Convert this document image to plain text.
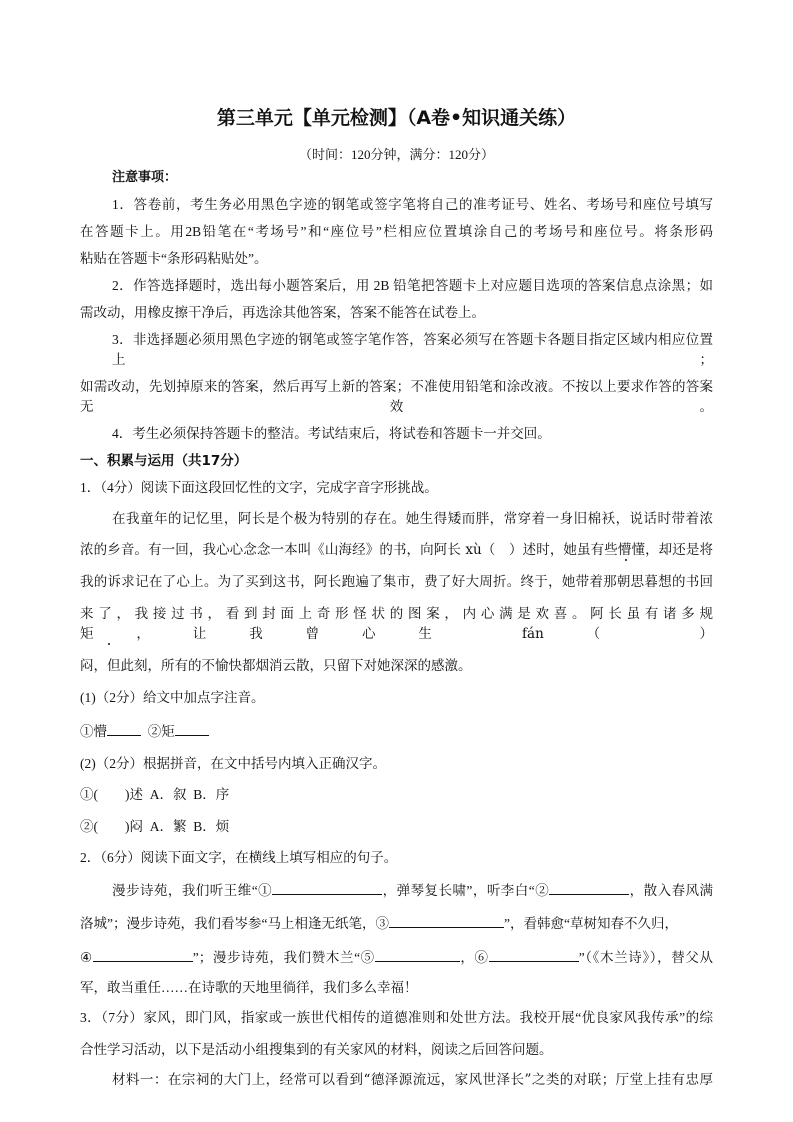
第三单元【单元检测】（A卷•知识通关练）
（时间：120分钟，满分：120分）
注意事项：
1．答卷前，考生务必用黑色字迹的钢笔或签字笔将自己的准考证号、姓名、考场号和座位号填写
在答题卡上。用2B铅笔在“考场号”和“座位号”栏相应位置填涂自己的考场号和座位号。将条形码
粘贴在答题卡“条形码粘贴处”。
2．作答选择题时，选出每小题答案后，用 2B 铅笔把答题卡上对应题目选项的答案信息点涂黑；如
需改动，用橡皮擦干净后，再选涂其他答案，答案不能答在试卷上。
3．非选择题必须用黑色字迹的钢笔或签字笔作答，答案必须写在答题卡各题目指定区域内相应位置上；
如需改动，先划掉原来的答案，然后再写上新的答案；不准使用铅笔和涂改液。不按以上要求作答的答案无效。
4．考生必须保持答题卡的整洁。考试结束后，将试卷和答题卡一并交回。
一、积累与运用（共17分）
1．（4分）阅读下面这段回忆性的文字，完成字音字形挑战。
在我童年的记忆里，阿长是个极为特别的存在。她生得矮而胖，常穿着一身旧棉袄，说话时带着浓
浓的乡音。有一回，我心心念念一本叫《山海经》的书，向阿长 xù（　）述时，她虽有些懵懂，却还是将
我的诉求记在了心上。为了买到这书，阿长跑遍了集市，费了好大周折。终于，她带着那朝思暮想的书回
来了，我接过书，看到封面上奇形怪状的图案，内心满是欢喜。阿长虽有诸多规矩，让我曾心生 fán（　）
闷，但此刻，所有的不愉快都烟消云散，只留下对她深深的感激。
(1)（2分）给文中加点字注音。
①懵	②矩
(2)（2分）根据拼音，在文中括号内填入正确汉字。
①(　　)述  A．叙  B．序
②(　　)闷  A．繁  B．烦
2．（6分）阅读下面文字，在横线上填写相应的句子。
漫步诗苑，我们听王维“①	，弹琴复长啸”，听李白“②	，散入春风满
洛城”；漫步诗苑，我们看岑参“马上相逢无纸笔，③	”，看韩愈“草树知春不久归，
④	”；漫步诗苑，我们赞木兰“⑤	，⑥	”（《木兰诗》），替父从
军，敢当重任……在诗歌的天地里徜徉，我们多么幸福！
3．（7分）家风，即门风，指家或一族世代相传的道德准则和处世方法。我校开展“优良家风我传承”的综
合性学习活动，以下是活动小组搜集到的有关家风的材料，阅读之后回答问题。
材料一：在宗祠的大门上，经常可以看到“德泽源流远，家风世泽长”之类的对联；厅堂上挂有忠厚
